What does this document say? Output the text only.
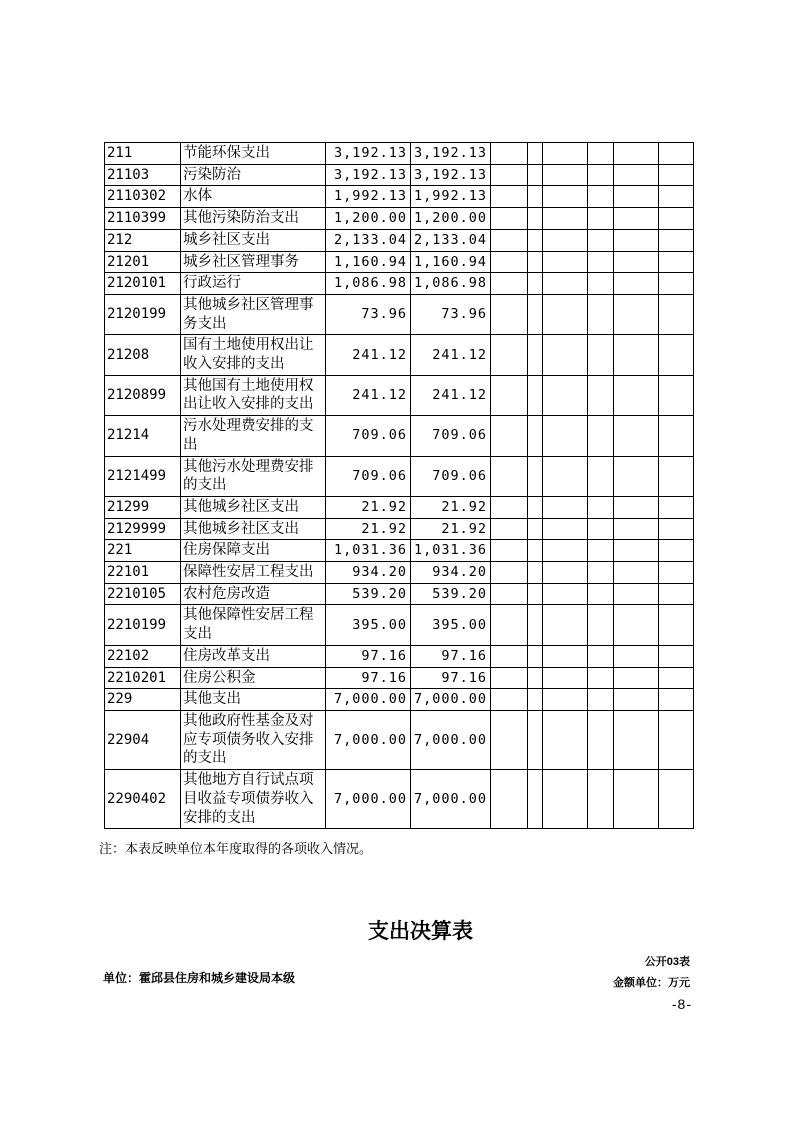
211	节能环保支出	3,192.13	3,192.13						
21103	污染防治	3,192.13	3,192.13						
2110302	水体	1,992.13	1,992.13						
2110399	其他污染防治支出	1,200.00	1,200.00						
212	城乡社区支出	2,133.04	2,133.04						
21201	城乡社区管理事务	1,160.94	1,160.94						
2120101	行政运行	1,086.98	1,086.98						
2120199	其他城乡社区管理事务支出	73.96	73.96						
21208	国有土地使用权出让收入安排的支出	241.12	241.12						
2120899	其他国有土地使用权出让收入安排的支出	241.12	241.12						
21214	污水处理费安排的支出	709.06	709.06						
2121499	其他污水处理费安排的支出	709.06	709.06						
21299	其他城乡社区支出	21.92	21.92						
2129999	其他城乡社区支出	21.92	21.92						
221	住房保障支出	1,031.36	1,031.36						
22101	保障性安居工程支出	934.20	934.20						
2210105	农村危房改造	539.20	539.20						
2210199	其他保障性安居工程支出	395.00	395.00						
22102	住房改革支出	97.16	97.16						
2210201	住房公积金	97.16	97.16						
229	其他支出	7,000.00	7,000.00						
22904	其他政府性基金及对应专项债务收入安排的支出	7,000.00	7,000.00						
2290402	其他地方自行试点项目收益专项债券收入安排的支出	7,000.00	7,000.00						
注：本表反映单位本年度取得的各项收入情况。
支出决算表
公开03表
单位：霍邱县住房和城乡建设局本级	金额单位：万元
-8-
